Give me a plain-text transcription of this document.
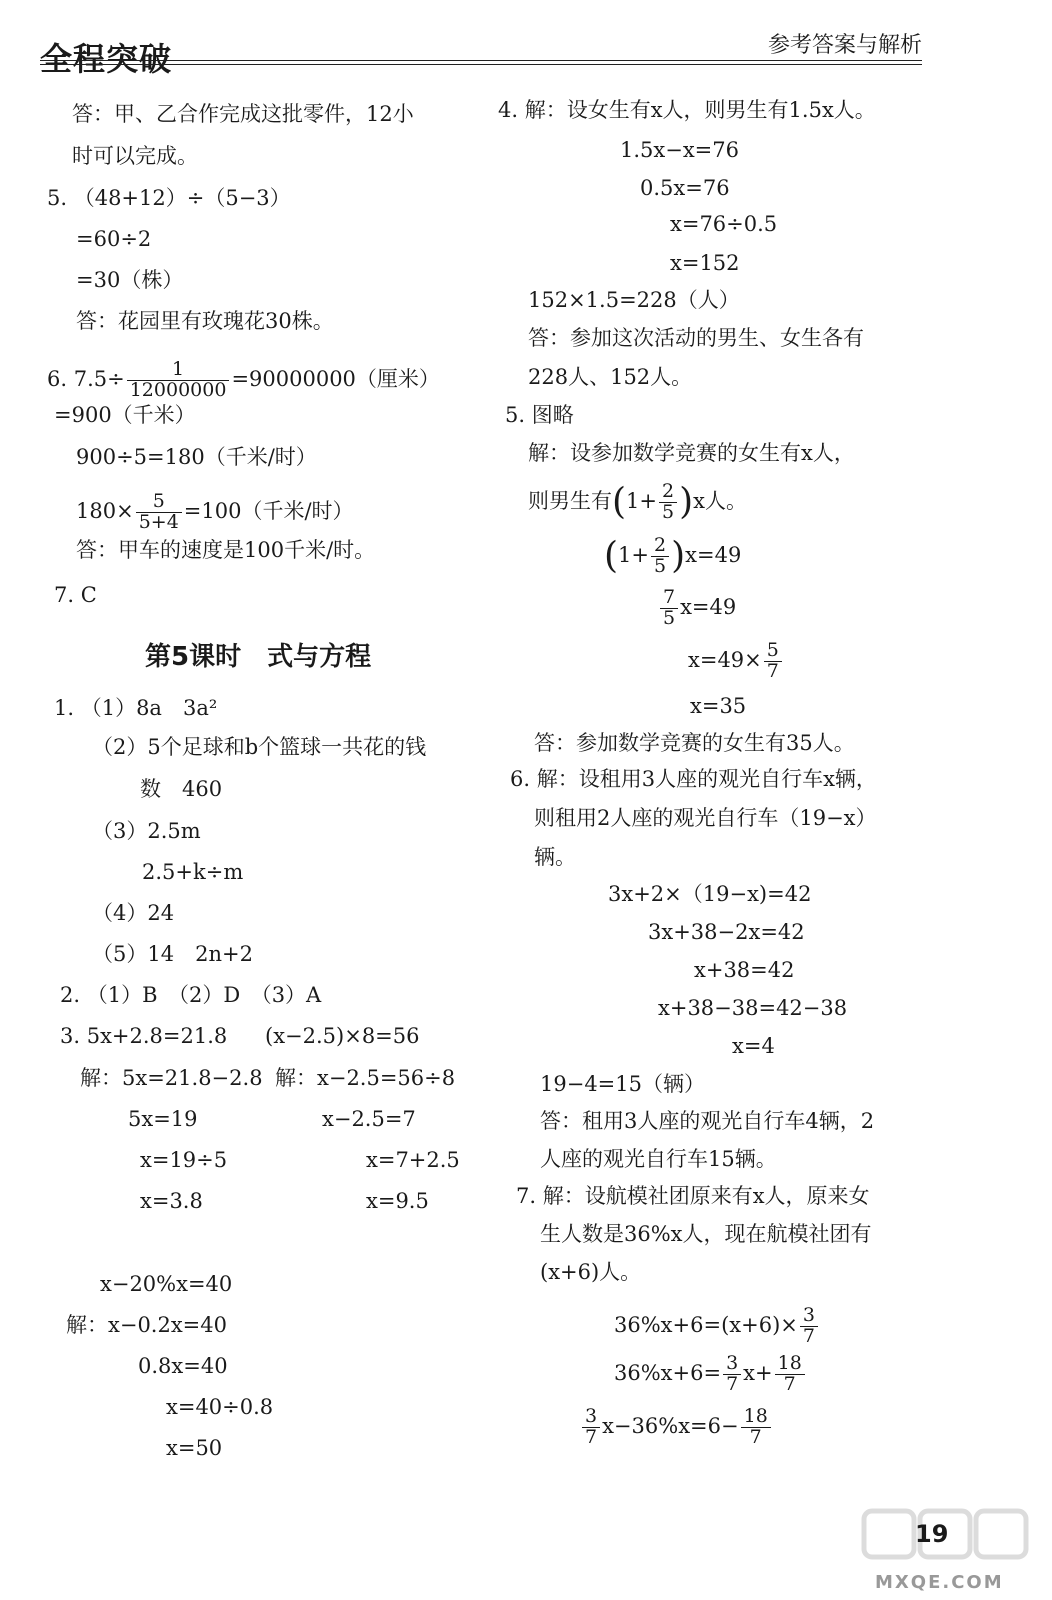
全程突破	参考答案与解析
答：甲、乙合作完成这批零件，12小
时可以完成。
5. （48+12）÷（5−3）
=60÷2
=30（株）
答：花园里有玫瑰花30株。
6. $7.5\div \frac{1}{12000000} =90000000$（厘米）
=900（千米）
900÷5=180（千米/时）
$180\times \frac{5}{5+4} =100$（千米/时）
答：甲车的速度是100千米/时。
7. C
第5课时　式与方程
1. （1）8a　3a²
（2）5个足球和b个篮球一共花的钱
数　460
（3）2.5m
2.5+k÷m
（4）24
（5）14　2n+2
2. （1）B　（2）D　（3）A
3. 5x+2.8=21.8 (x−2.5)×8=56
解：5x=21.8−2.8 解：x−2.5=56÷8
5x=19	x−2.5=7
x=19÷5	x=7+2.5
x=3.8	x=9.5
x−20%x=40
解：x−0.2x=40
0.8x=40
x=40÷0.8
x=50
4. 解：设女生有x人，则男生有1.5x人。
1.5x−x=76
0.5x=76
x=76÷0.5
x=152
152×1.5=228（人）
答：参加这次活动的男生、女生各有
228人、152人。
5. 图略
解：设参加数学竞赛的女生有x人，
则男生有$(1+ \frac{2}{5} )x$人。
$(1+ \frac{2}{5} )x=49$
$\frac{7}{5} x=49$
$x=49\times \frac{5}{7}$
x=35
答：参加数学竞赛的女生有35人。
6. 解：设租用3人座的观光自行车x辆，
则租用2人座的观光自行车（19−x）
辆。
3x+2×（19−x)=42
3x+38−2x=42
x+38=42
x+38−38=42−38
x=4
19−4=15（辆）
答：租用3人座的观光自行车4辆，2
人座的观光自行车15辆。
7. 解：设航模社团原来有x人，原来女
生人数是36%x人，现在航模社团有
(x+6)人。
$36\%x+6=(x+6)\times \frac{3}{7}$
$36\%x+6= \frac{3}{7} x+ \frac{18}{7}$
$\frac{3}{7} x-36\%x=6- \frac{18}{7}$
19
MXQE.COM
